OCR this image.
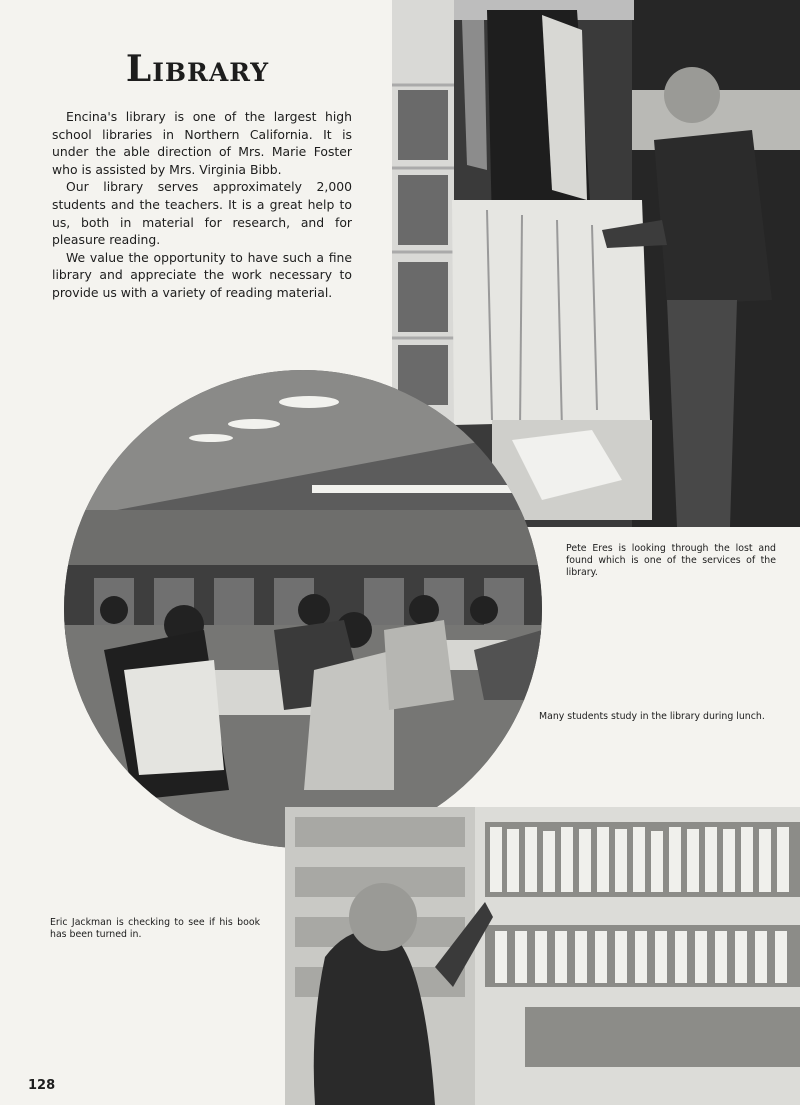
Library

Encina's library is one of the largest high school libraries in Northern California. It is under the able direction of Mrs. Marie Foster who is assisted by Mrs. Virginia Bibb.

Our library serves approximately 2,000 students and the teachers. It is a great help to us, both in material for research, and for pleasure reading.

We value the opportunity to have such a fine library and appreciate the work necessary to provide us with a variety of reading material.

Pete Eres is looking through the lost and found which is one of the services of the library.
Many students study in the library during lunch.
Eric Jackman is checking to see if his book has been turned in.
128
